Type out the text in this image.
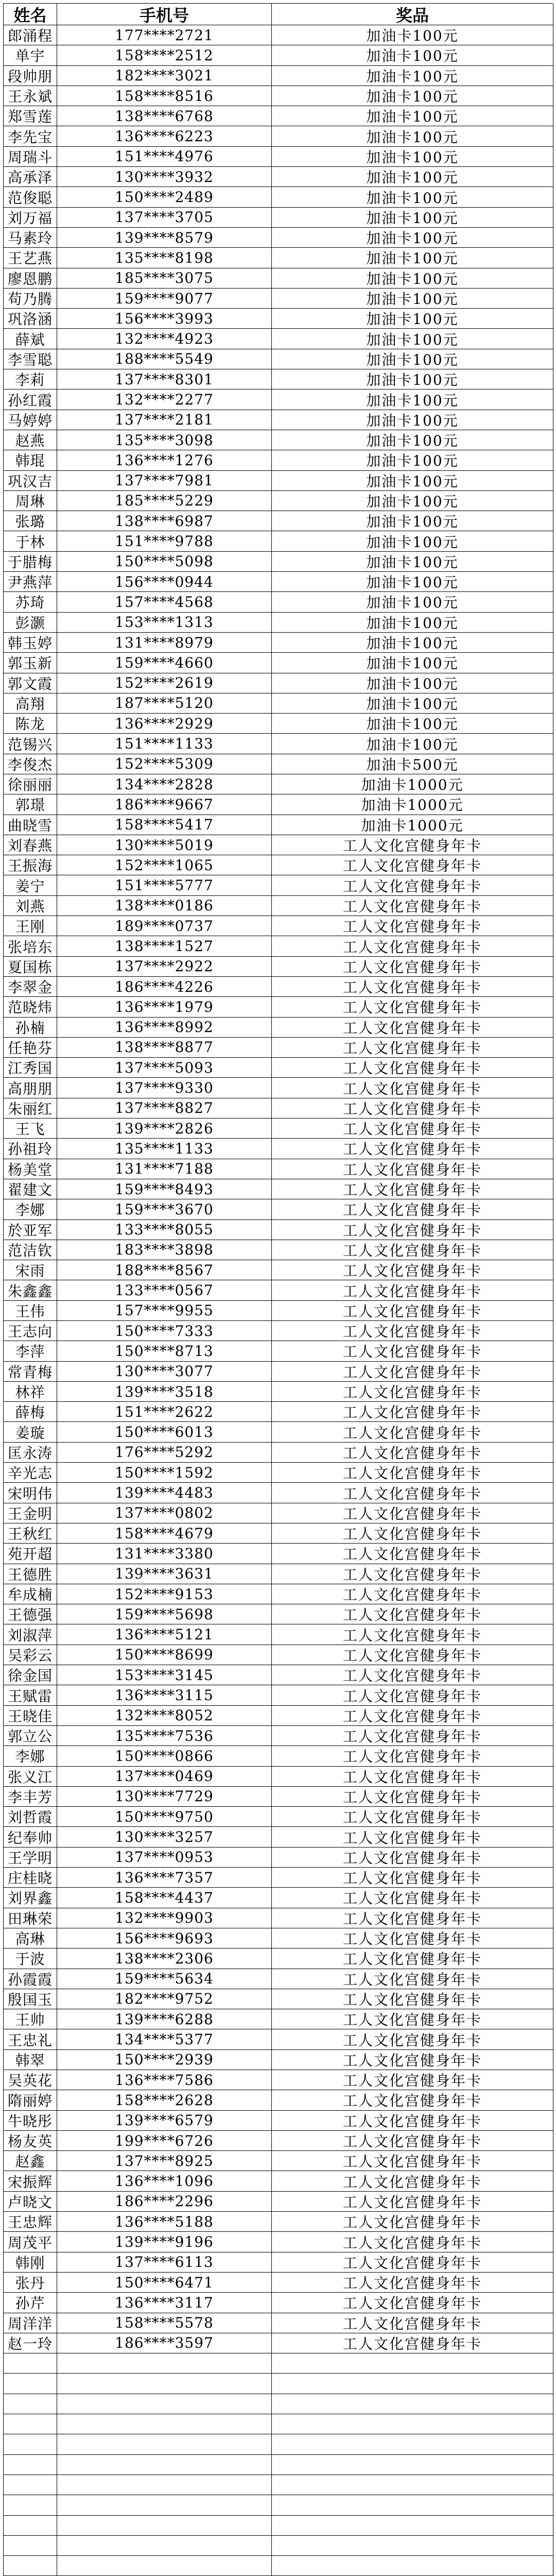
姓名	手机号	奖品
郎涌程	177****2721	加油卡100元
单宇	158****2512	加油卡100元
段帅朋	182****3021	加油卡100元
王永斌	158****8516	加油卡100元
郑雪莲	138****6768	加油卡100元
李先宝	136****6223	加油卡100元
周瑞斗	151****4976	加油卡100元
高承泽	130****3932	加油卡100元
范俊聪	150****2489	加油卡100元
刘万福	137****3705	加油卡100元
马素玲	139****8579	加油卡100元
王艺燕	135****8198	加油卡100元
廖恩鹏	185****3075	加油卡100元
苟乃腾	159****9077	加油卡100元
巩洛涵	156****3993	加油卡100元
薛斌	132****4923	加油卡100元
李雪聪	188****5549	加油卡100元
李莉	137****8301	加油卡100元
孙红霞	132****2277	加油卡100元
马婷婷	137****2181	加油卡100元
赵燕	135****3098	加油卡100元
韩琨	136****1276	加油卡100元
巩汉吉	137****7981	加油卡100元
周琳	185****5229	加油卡100元
张璐	138****6987	加油卡100元
于林	151****9788	加油卡100元
于腊梅	150****5098	加油卡100元
尹燕萍	156****0944	加油卡100元
苏琦	157****4568	加油卡100元
彭灏	153****1313	加油卡100元
韩玉婷	131****8979	加油卡100元
郭玉新	159****4660	加油卡100元
郭文霞	152****2619	加油卡100元
高翔	187****5120	加油卡100元
陈龙	136****2929	加油卡100元
范锡兴	151****1133	加油卡100元
李俊杰	152****5309	加油卡500元
徐丽丽	134****2828	加油卡1000元
郭璟	186****9667	加油卡1000元
曲晓雪	158****5417	加油卡1000元
刘春燕	130****5019	工人文化宫健身年卡
王振海	152****1065	工人文化宫健身年卡
姜宁	151****5777	工人文化宫健身年卡
刘燕	138****0186	工人文化宫健身年卡
王刚	189****0737	工人文化宫健身年卡
张培东	138****1527	工人文化宫健身年卡
夏国栋	137****2922	工人文化宫健身年卡
李翠金	186****4226	工人文化宫健身年卡
范晓炜	136****1979	工人文化宫健身年卡
孙楠	136****8992	工人文化宫健身年卡
任艳芬	138****8877	工人文化宫健身年卡
江秀国	137****5093	工人文化宫健身年卡
高朋朋	137****9330	工人文化宫健身年卡
朱丽红	137****8827	工人文化宫健身年卡
王飞	139****2826	工人文化宫健身年卡
孙祖玲	135****1133	工人文化宫健身年卡
杨美堂	131****7188	工人文化宫健身年卡
翟建文	159****8493	工人文化宫健身年卡
李娜	159****3670	工人文化宫健身年卡
於亚军	133****8055	工人文化宫健身年卡
范洁钦	183****3898	工人文化宫健身年卡
宋雨	188****8567	工人文化宫健身年卡
朱鑫鑫	133****0567	工人文化宫健身年卡
王伟	157****9955	工人文化宫健身年卡
王志向	150****7333	工人文化宫健身年卡
李萍	150****8713	工人文化宫健身年卡
常青梅	130****3077	工人文化宫健身年卡
林祥	139****3518	工人文化宫健身年卡
薛梅	151****2622	工人文化宫健身年卡
姜璇	150****6013	工人文化宫健身年卡
匡永涛	176****5292	工人文化宫健身年卡
辛光志	150****1592	工人文化宫健身年卡
宋明伟	139****4483	工人文化宫健身年卡
王金明	137****0802	工人文化宫健身年卡
王秋红	158****4679	工人文化宫健身年卡
苑开超	131****3380	工人文化宫健身年卡
王德胜	139****3631	工人文化宫健身年卡
牟成楠	152****9153	工人文化宫健身年卡
王德强	159****5698	工人文化宫健身年卡
刘淑萍	136****5121	工人文化宫健身年卡
吴彩云	150****8699	工人文化宫健身年卡
徐金国	153****3145	工人文化宫健身年卡
王赋雷	136****3115	工人文化宫健身年卡
王晓佳	132****8052	工人文化宫健身年卡
郭立公	135****7536	工人文化宫健身年卡
李娜	150****0866	工人文化宫健身年卡
张义江	137****0469	工人文化宫健身年卡
李丰芳	130****7729	工人文化宫健身年卡
刘哲霞	150****9750	工人文化宫健身年卡
纪奉帅	130****3257	工人文化宫健身年卡
王学明	137****0953	工人文化宫健身年卡
庄桂晓	136****7357	工人文化宫健身年卡
刘界鑫	158****4437	工人文化宫健身年卡
田琳荣	132****9903	工人文化宫健身年卡
高琳	156****9693	工人文化宫健身年卡
于波	138****2306	工人文化宫健身年卡
孙霞霞	159****5634	工人文化宫健身年卡
殷国玉	182****9752	工人文化宫健身年卡
王帅	139****6288	工人文化宫健身年卡
王忠礼	134****5377	工人文化宫健身年卡
韩翠	150****2939	工人文化宫健身年卡
吴英花	136****7586	工人文化宫健身年卡
隋丽婷	158****2628	工人文化宫健身年卡
牛晓彤	139****6579	工人文化宫健身年卡
杨友英	199****6726	工人文化宫健身年卡
赵鑫	137****8925	工人文化宫健身年卡
宋振辉	136****1096	工人文化宫健身年卡
卢晓文	186****2296	工人文化宫健身年卡
王忠辉	136****5188	工人文化宫健身年卡
周茂平	139****9196	工人文化宫健身年卡
韩刚	137****6113	工人文化宫健身年卡
张丹	150****6471	工人文化宫健身年卡
孙芹	136****3117	工人文化宫健身年卡
周洋洋	158****5578	工人文化宫健身年卡
赵一玲	186****3597	工人文化宫健身年卡
